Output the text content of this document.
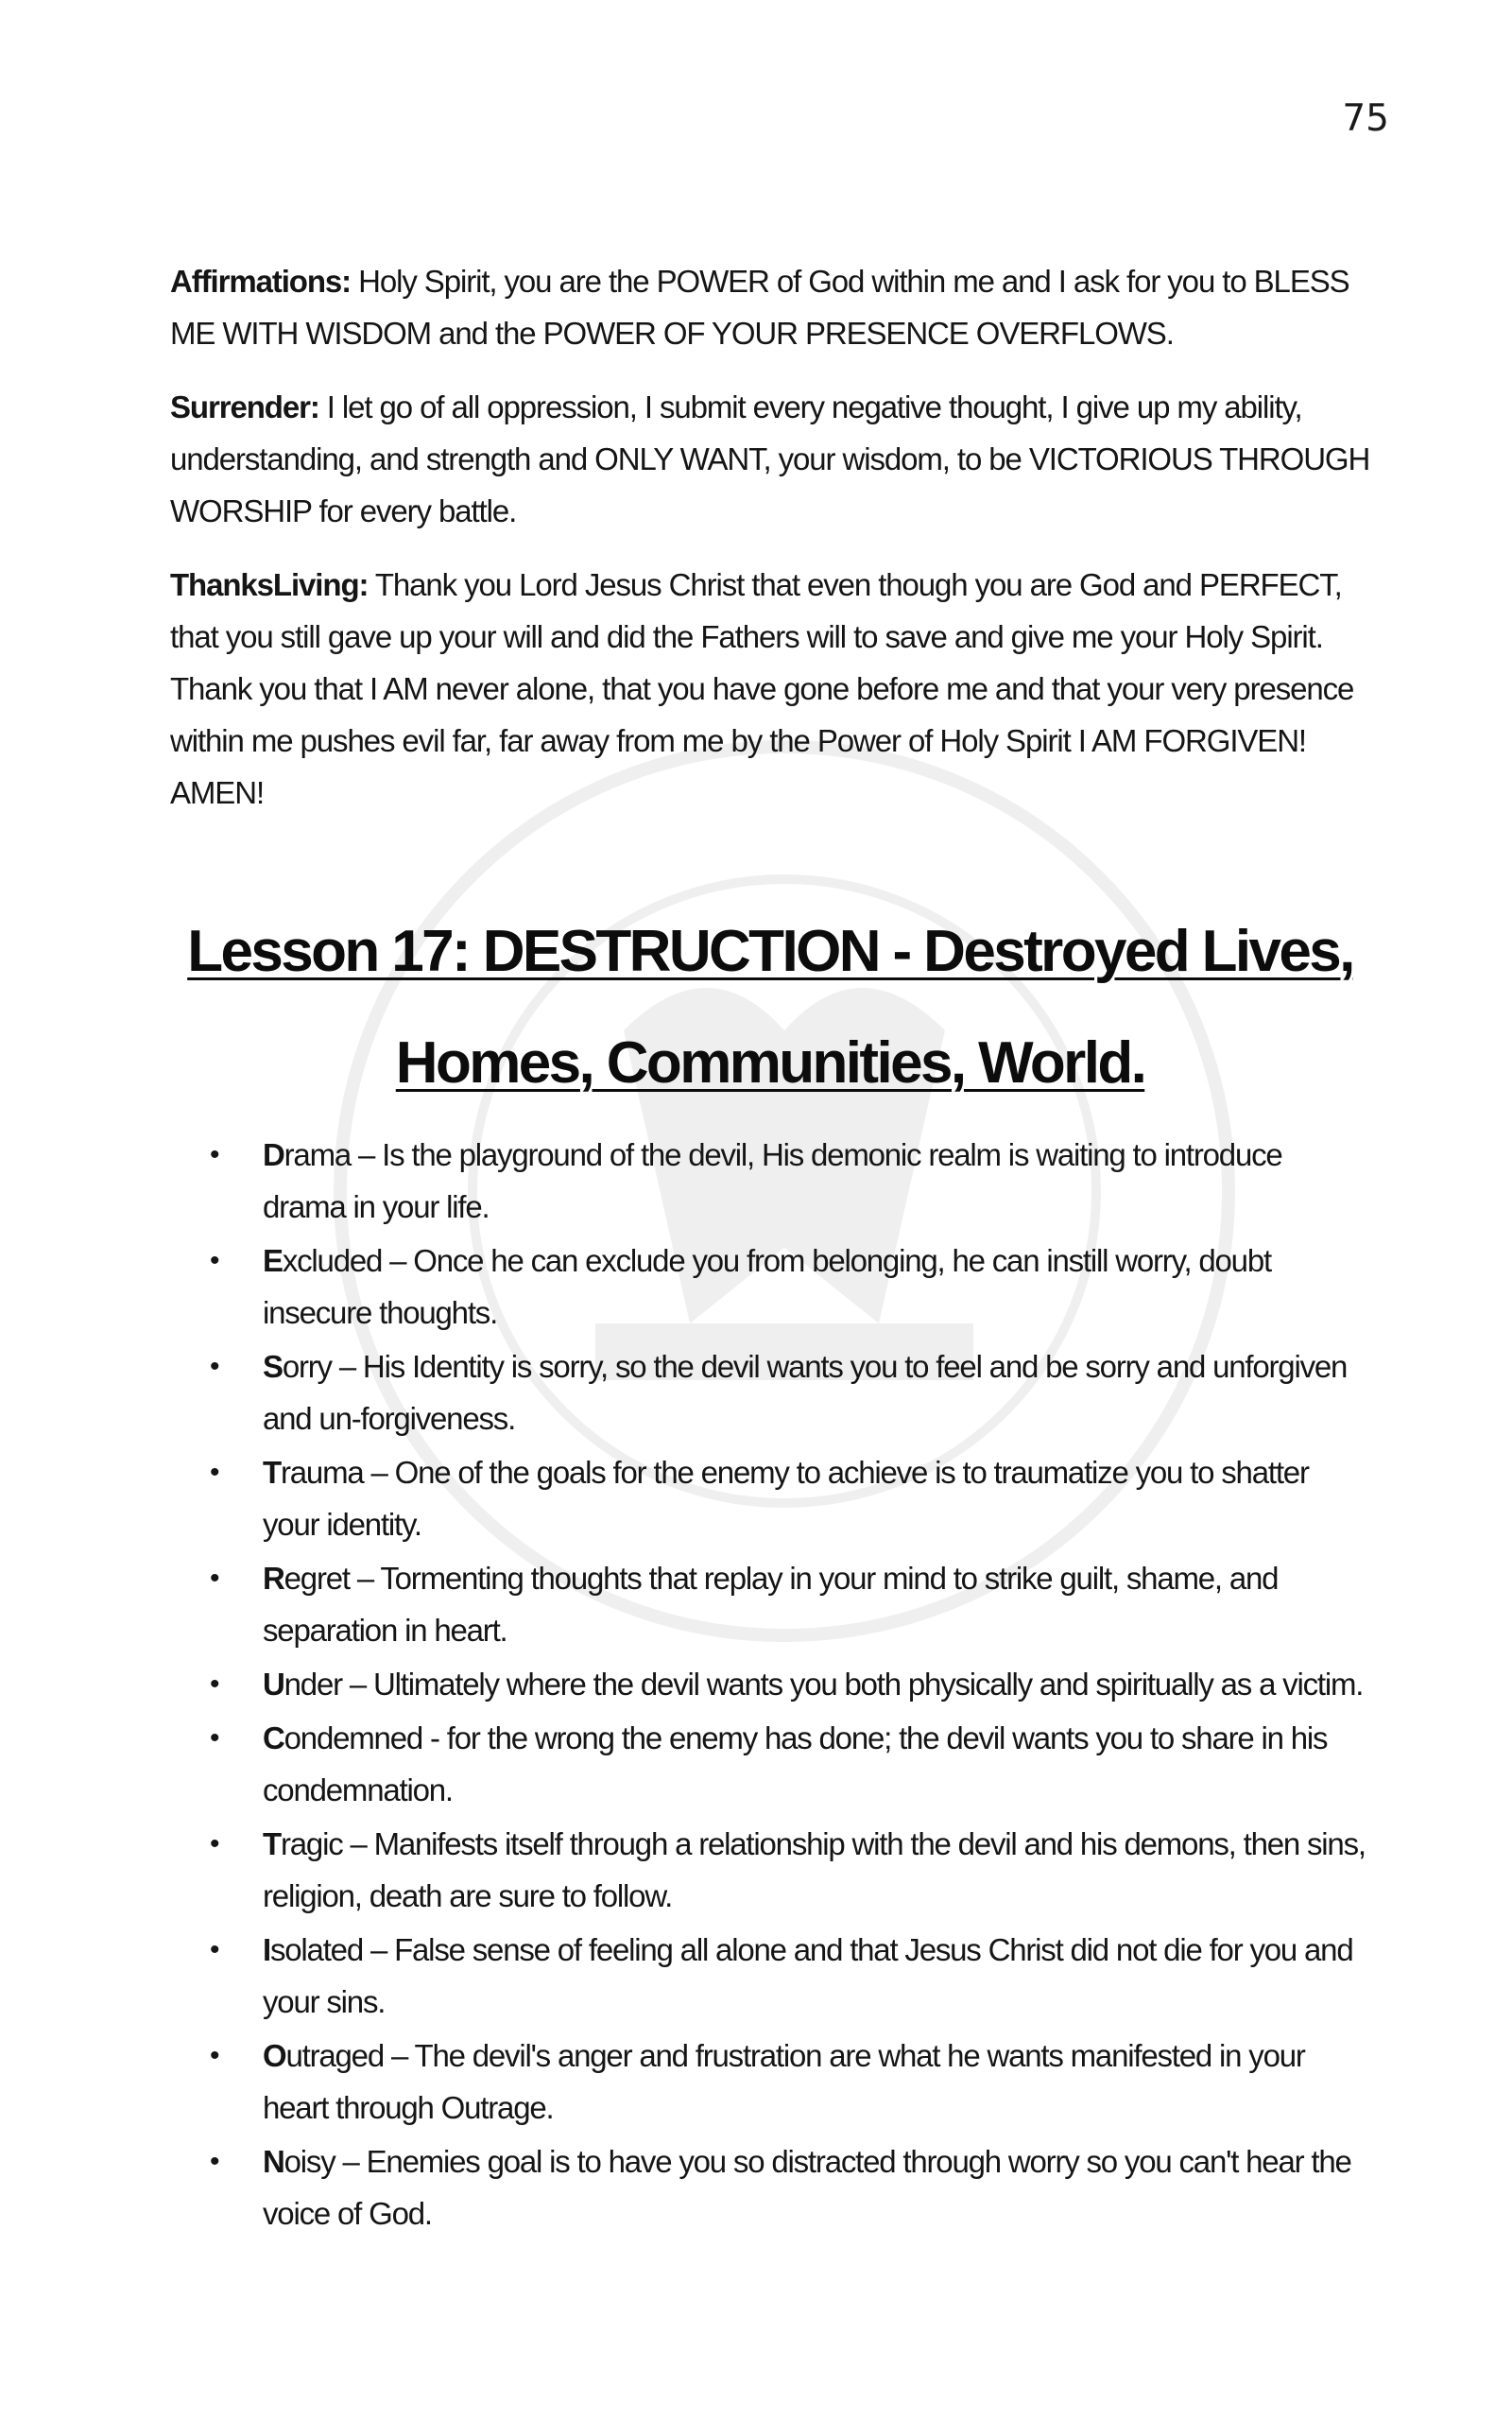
75

Affirmations: Holy Spirit, you are the POWER of God within me and I ask for you to BLESS ME WITH WISDOM and the POWER OF YOUR PRESENCE OVERFLOWS.

Surrender: I let go of all oppression, I submit every negative thought, I give up my ability, understanding, and strength and ONLY WANT, your wisdom, to be VICTORIOUS THROUGH WORSHIP for every battle.

ThanksLiving: Thank you Lord Jesus Christ that even though you are God and PERFECT, that you still gave up your will and did the Fathers will to save and give me your Holy Spirit. Thank you that I AM never alone, that you have gone before me and that your very presence within me pushes evil far, far away from me by the Power of Holy Spirit I AM FORGIVEN! AMEN!

Lesson 17: DESTRUCTION - Destroyed Lives,
Homes, Communities, World.
• Drama – Is the playground of the devil, His demonic realm is waiting to introduce drama in your life.
• Excluded – Once he can exclude you from belonging, he can instill worry, doubt insecure thoughts.
• Sorry – His Identity is sorry, so the devil wants you to feel and be sorry and unforgiven and un-forgiveness.
• Trauma – One of the goals for the enemy to achieve is to traumatize you to shatter your identity.
• Regret – Tormenting thoughts that replay in your mind to strike guilt, shame, and separation in heart.
• Under – Ultimately where the devil wants you both physically and spiritually as a victim.
• Condemned - for the wrong the enemy has done; the devil wants you to share in his condemnation.
• Tragic – Manifests itself through a relationship with the devil and his demons, then sins, religion, death are sure to follow.
• Isolated – False sense of feeling all alone and that Jesus Christ did not die for you and your sins.
• Outraged – The devil's anger and frustration are what he wants manifested in your heart through Outrage.
• Noisy – Enemies goal is to have you so distracted through worry so you can't hear the voice of God.
